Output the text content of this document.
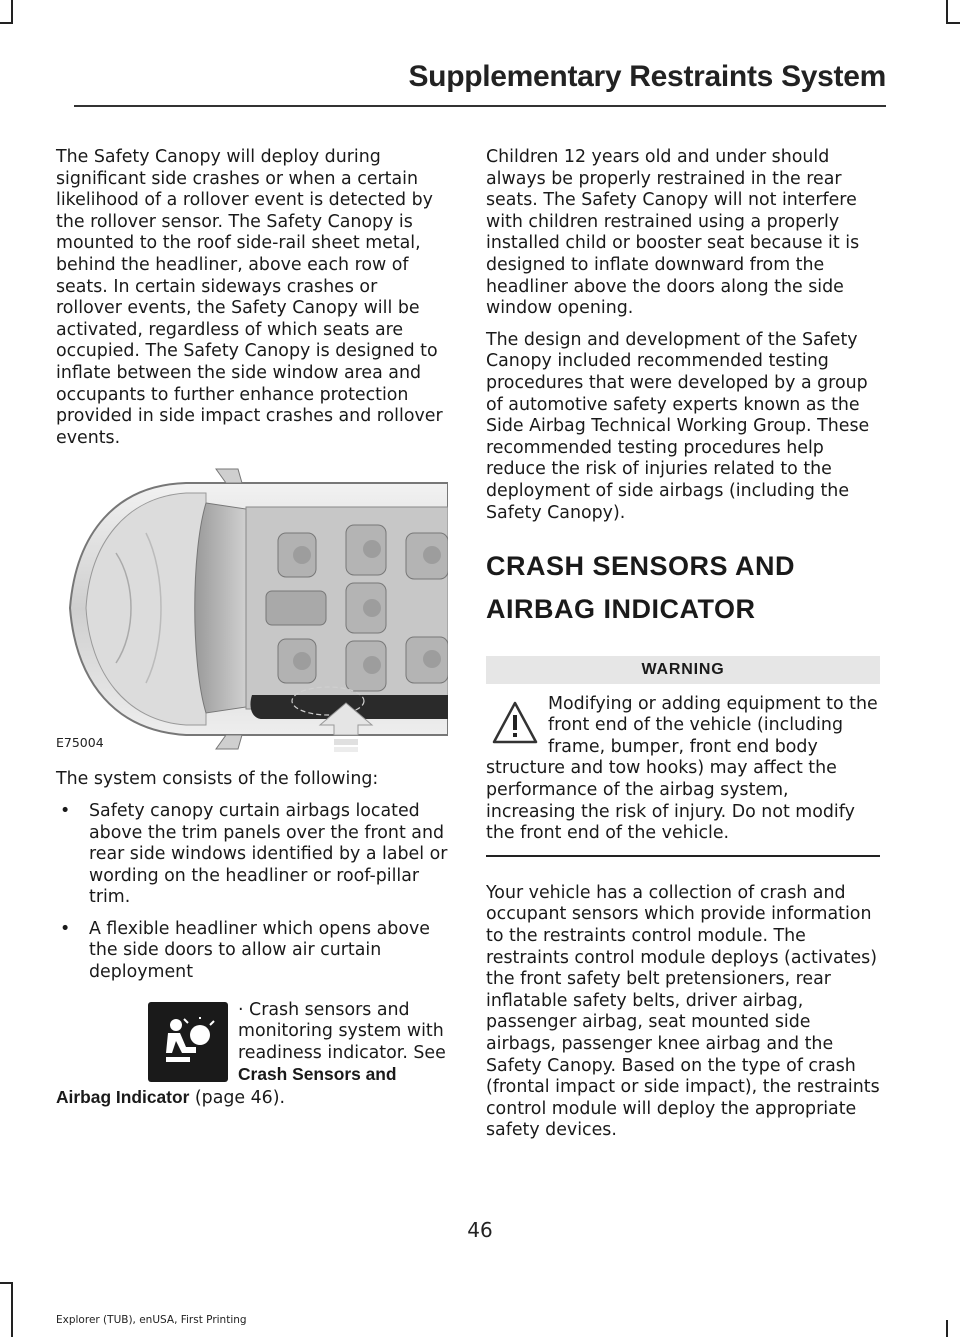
Supplementary Restraints System

The Safety Canopy will deploy during significant side crashes or when a certain likelihood of a rollover event is detected by the rollover sensor. The Safety Canopy is mounted to the roof side-rail sheet metal, behind the headliner, above each row of seats. In certain sideways crashes or rollover events, the Safety Canopy will be activated, regardless of which seats are occupied. The Safety Canopy is designed to inflate between the side window area and occupants to further enhance protection provided in side impact crashes and rollover events.

E75004

The system consists of the following:

• Safety canopy curtain airbags located above the trim panels over the front and rear side windows identified by a label or wording on the headliner or roof-pillar trim.
• A flexible headliner which opens above the side doors to allow air curtain deployment
· Crash sensors and monitoring system with readiness indicator. See Crash Sensors and Airbag Indicator (page 46).

Children 12 years old and under should always be properly restrained in the rear seats. The Safety Canopy will not interfere with children restrained using a properly installed child or booster seat because it is designed to inflate downward from the headliner above the doors along the side window opening.

The design and development of the Safety Canopy included recommended testing procedures that were developed by a group of automotive safety experts known as the Side Airbag Technical Working Group. These recommended testing procedures help reduce the risk of injuries related to the deployment of side airbags (including the Safety Canopy).

CRASH SENSORS AND
AIRBAG INDICATOR
WARNING
Modifying or adding equipment to the front end of the vehicle (including frame, bumper, front end body structure and tow hooks) may affect the performance of the airbag system, increasing the risk of injury. Do not modify the front end of the vehicle.

Your vehicle has a collection of crash and occupant sensors which provide information to the restraints control module. The restraints control module deploys (activates) the front safety belt pretensioners, rear inflatable safety belts, driver airbag, passenger airbag, seat mounted side airbags, passenger knee airbag and the Safety Canopy. Based on the type of crash (frontal impact or side impact), the restraints control module will deploy the appropriate safety devices.

46
Explorer (TUB), enUSA, First Printing
